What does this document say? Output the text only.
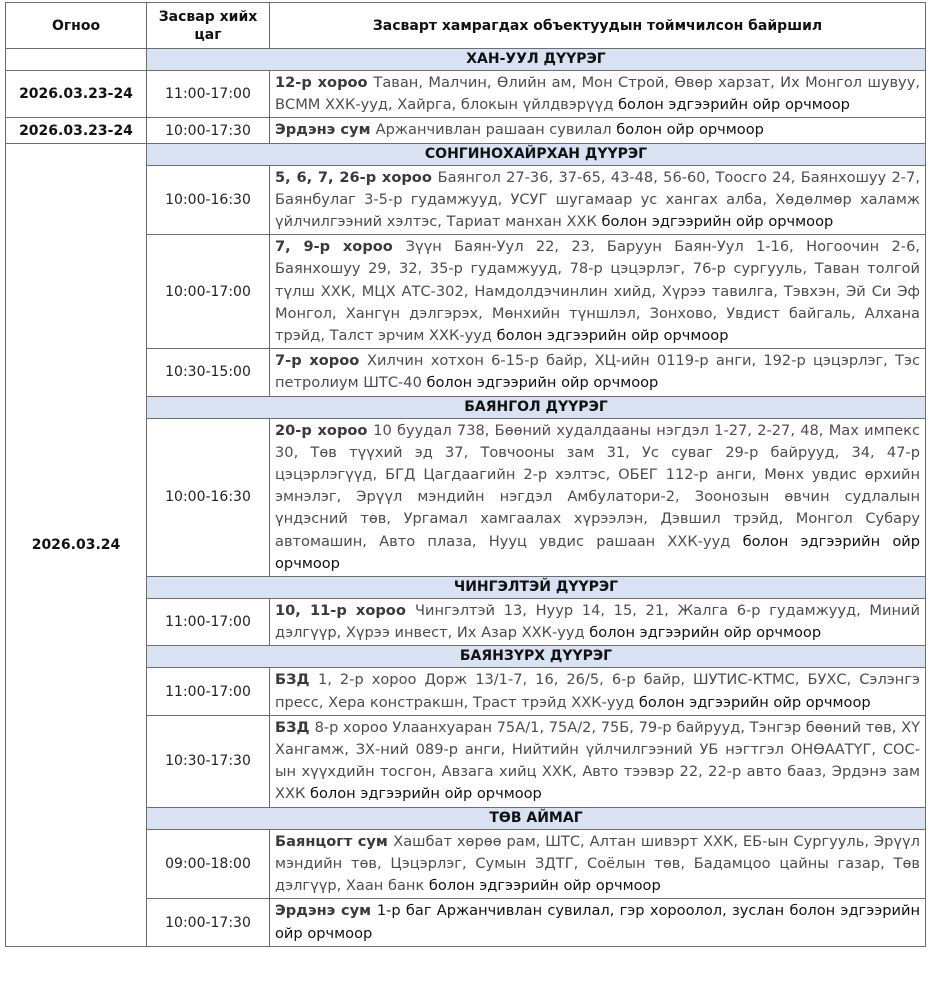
Огноо	Засвар хийх цаг	Засварт хамрагдах объектуудын тоймчилсон байршил
	ХАН-УУЛ ДҮҮРЭГ	
2026.03.23-24	11:00-17:00	12-р хороо Таван, Малчин, Өлийн ам, Мон Строй, Өвөр харзат, Их Монгол шувуу, ВСММ ХХК-ууд, Хайрга, блокын үйлдвэрүүд болон эдгээрийн ойр орчмоор
2026.03.23-24	10:00-17:30	Эрдэнэ сум Аржанчивлан рашаан сувилал болон ойр орчмоор
2026.03.24	СОНГИНОХАЙРХАН ДҮҮРЭГ	
	10:00-16:30	5, 6, 7, 26-р хороо Баянгол 27-36, 37-65, 43-48, 56-60, Тоосго 24, Баянхошуу 2-7, Баянбулаг 3-5-р гудамжууд, УСУГ шугамаар ус хангах алба, Хөдөлмөр халамж үйлчилгээний хэлтэс, Тариат манхан ХХК болон эдгээрийн ойр орчмоор
	10:00-17:00	7, 9-р хороо Зүүн Баян-Уул 22, 23, Баруун Баян-Уул 1-16, Ногоочин 2-6, Баянхошуу 29, 32, 35-р гудамжууд, 78-р цэцэрлэг, 76-р сургууль, Таван толгой түлш ХХК, МЦХ АТС-302, Намдолдэчинлин хийд, Хүрээ тавилга, Тэвхэн, Эй Си Эф Монгол, Хангүн дэлгэрэх, Мөнхийн түншлэл, Зонхово, Увдист байгаль, Алхана трэйд, Талст эрчим ХХК-ууд болон эдгээрийн ойр орчмоор
	10:30-15:00	7-р хороо Хилчин хотхон 6-15-р байр, ХЦ-ийн 0119-р анги, 192-р цэцэрлэг, Тэс петролиум ШТС-40 болон эдгээрийн ойр орчмоор
	БАЯНГОЛ ДҮҮРЭГ	
	10:00-16:30	20-р хороо 10 буудал 738, Бөөний худалдааны нэгдэл 1-27, 2-27, 48, Мах импекс 30, Төв түүхий эд 37, Товчооны зам 31, Ус суваг 29-р байрууд, 34, 47-р цэцэрлэгүүд, БГД Цагдаагийн 2-р хэлтэс, ОБЕГ 112-р анги, Мөнх увдис өрхийн эмнэлэг, Эрүүл мэндийн нэгдэл Амбулатори-2, Зоонозын өвчин судлалын үндэсний төв, Ургамал хамгаалах хүрээлэн, Дэвшил трэйд, Монгол Субару автомашин, Авто плаза, Нууц увдис рашаан ХХК-ууд болон эдгээрийн ойр орчмоор
	ЧИНГЭЛТЭЙ ДҮҮРЭГ	
	11:00-17:00	10, 11-р хороо Чингэлтэй 13, Нуур 14, 15, 21, Жалга 6-р гудамжууд, Миний дэлгүүр, Хүрээ инвест, Их Азар ХХК-ууд болон эдгээрийн ойр орчмоор
	БАЯНЗҮРХ ДҮҮРЭГ	
	11:00-17:00	БЗД 1, 2-р хороо Дорж 13/1-7, 16, 26/5, 6-р байр, ШУТИС-КТМС, БУХС, Сэлэнгэ пресс, Хера констракшн, Траст трэйд ХХК-ууд болон эдгээрийн ойр орчмоор
	10:30-17:30	БЗД 8-р хороо Улаанхуаран 75А/1, 75А/2, 75Б, 79-р байрууд, Тэнгэр бөөний төв, ХҮ Хангамж, ЗХ-ний 089-р анги, Нийтийн үйлчилгээний УБ нэгтгэл ОНӨААТҮГ, СОС-ын хүүхдийн тосгон, Авзага хийц ХХК, Авто тээвэр 22, 22-р авто бааз, Эрдэнэ зам ХХК болон эдгээрийн ойр орчмоор
	ТӨВ АЙМАГ	
	09:00-18:00	Баянцогт сум Хашбат хөрөө рам, ШТС, Алтан шивэрт ХХК, ЕБ-ын Сургууль, Эрүүл мэндийн төв, Цэцэрлэг, Сумын ЗДТГ, Соёлын төв, Бадамцоо цайны газар, Төв дэлгүүр, Хаан банк болон эдгээрийн ойр орчмоор
	10:00-17:30	Эрдэнэ сум 1-р баг Аржанчивлан сувилал, гэр хороолол, зуслан болон эдгээрийн ойр орчмоор
